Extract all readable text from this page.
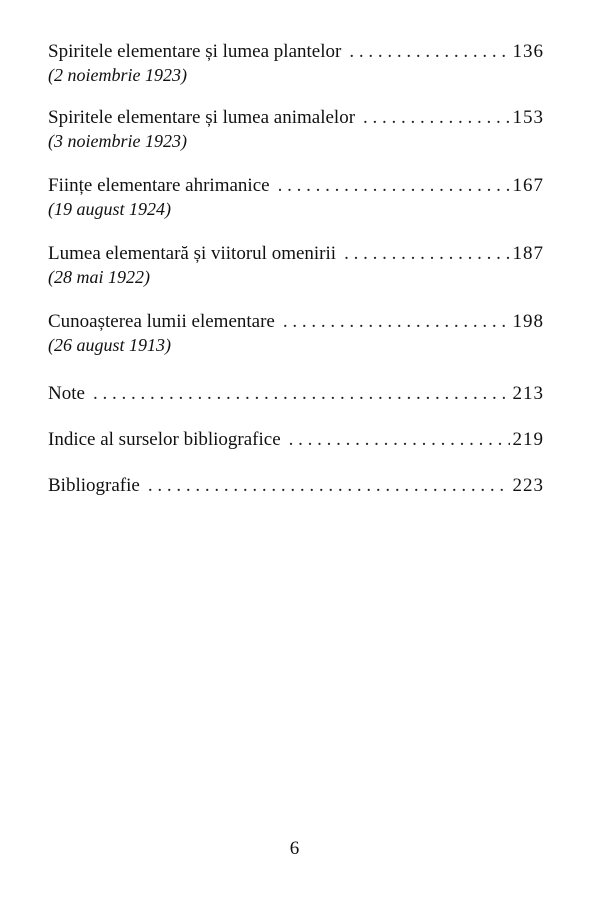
Spiritele elementare și lumea plantelor . . .	136
(2 noiembrie 1923)
Spiritele elementare și lumea animalelor . . .	153
(3 noiembrie 1923)
Ființe elementare ahrimanice . . .	167
(19 august 1924)
Lumea elementară și viitorul omenirii . . .	187
(28 mai 1922)
Cunoașterea lumii elementare . . .	198
(26 august 1913)
Note . . .	213
Indice al surselor bibliografice . . .	219
Bibliografie . . .	223
6
